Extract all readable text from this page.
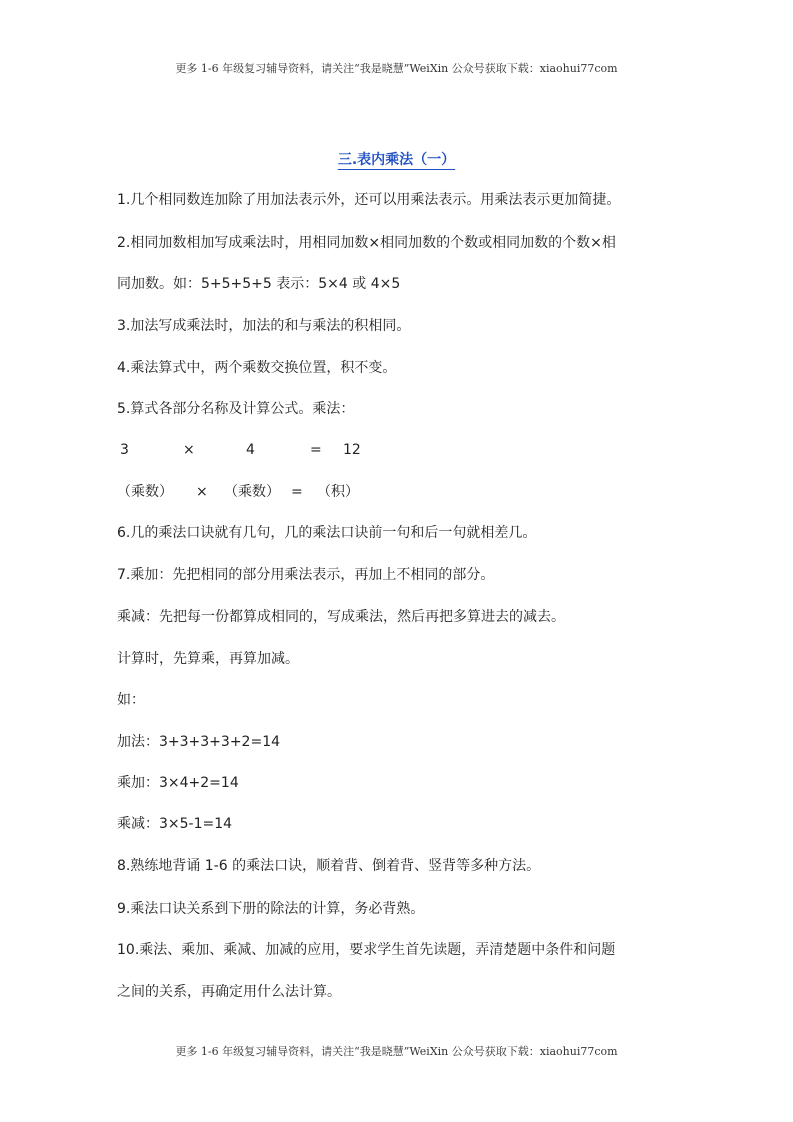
更多 1-6 年级复习辅导资料，请关注“我是晓慧”WeiXin 公众号获取下载：xiaohui77com
三.表内乘法（一）
1.几个相同数连加除了用加法表示外，还可以用乘法表示。用乘法表示更加简捷。
2.相同加数相加写成乘法时，用相同加数×相同加数的个数或相同加数的个数×相
同加数。如：5+5+5+5 表示：5×4 或 4×5
3.加法写成乘法时，加法的和与乘法的积相同。
4.乘法算式中，两个乘数交换位置，积不变。
5.算式各部分名称及计算公式。乘法：
3	×	4	= 12
（乘数） × （乘数） = （积）
6.几的乘法口诀就有几句，几的乘法口诀前一句和后一句就相差几。
7.乘加：先把相同的部分用乘法表示，再加上不相同的部分。
乘减：先把每一份都算成相同的，写成乘法，然后再把多算进去的减去。
计算时，先算乘，再算加减。
如：
加法：3+3+3+3+2=14
乘加：3×4+2=14
乘减：3×5-1=14
8.熟练地背诵 1-6 的乘法口诀，顺着背、倒着背、竖背等多种方法。
9.乘法口诀关系到下册的除法的计算，务必背熟。
10.乘法、乘加、乘减、加减的应用，要求学生首先读题，弄清楚题中条件和问题
之间的关系，再确定用什么法计算。
更多 1-6 年级复习辅导资料，请关注“我是晓慧”WeiXin 公众号获取下载：xiaohui77com
